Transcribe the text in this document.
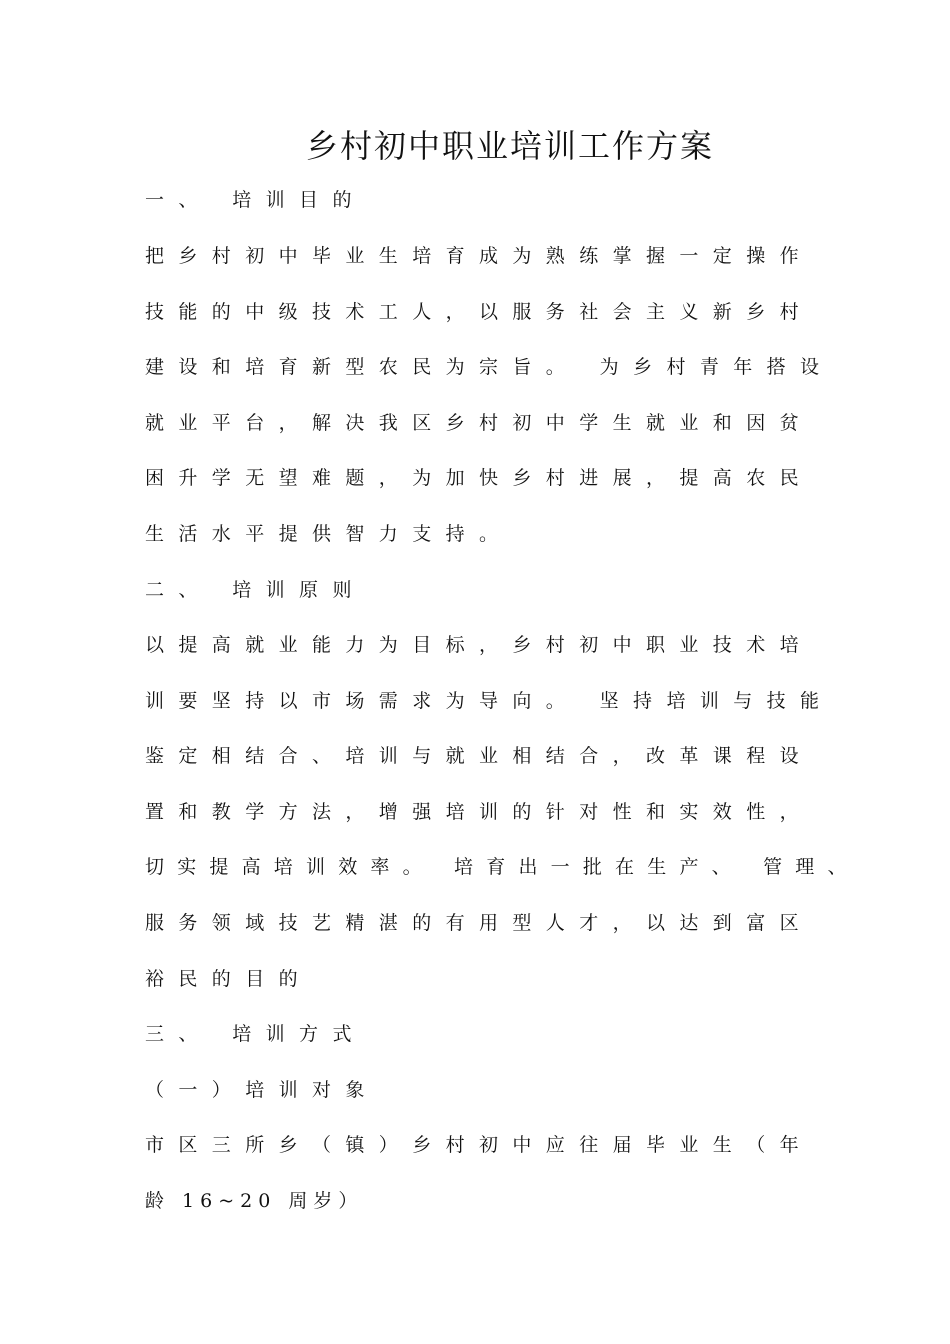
乡村初中职业培训工作方案
一、 培训目的
把乡村初中毕业生培育成为熟练掌握一定操作
技能的中级技术工人，以服务社会主义新乡村
建设和培育新型农民为宗旨。 为乡村青年搭设
就业平台，解决我区乡村初中学生就业和因贫
困升学无望难题，为加快乡村进展，提高农民
生活水平提供智力支持。
二、 培训原则
以提高就业能力为目标，乡村初中职业技术培
训要坚持以市场需求为导向。 坚持培训与技能
鉴定相结合、培训与就业相结合，改革课程设
置和教学方法，增强培训的针对性和实效性，
切实提高培训效率。 培育出一批在生产、 管理、
服务领域技艺精湛的有用型人才，以达到富区
裕民的目的
三、 培训方式
（一）培训对象
市区三所乡（镇）乡村初中应往届毕业生（年
龄 16~20 周岁）
